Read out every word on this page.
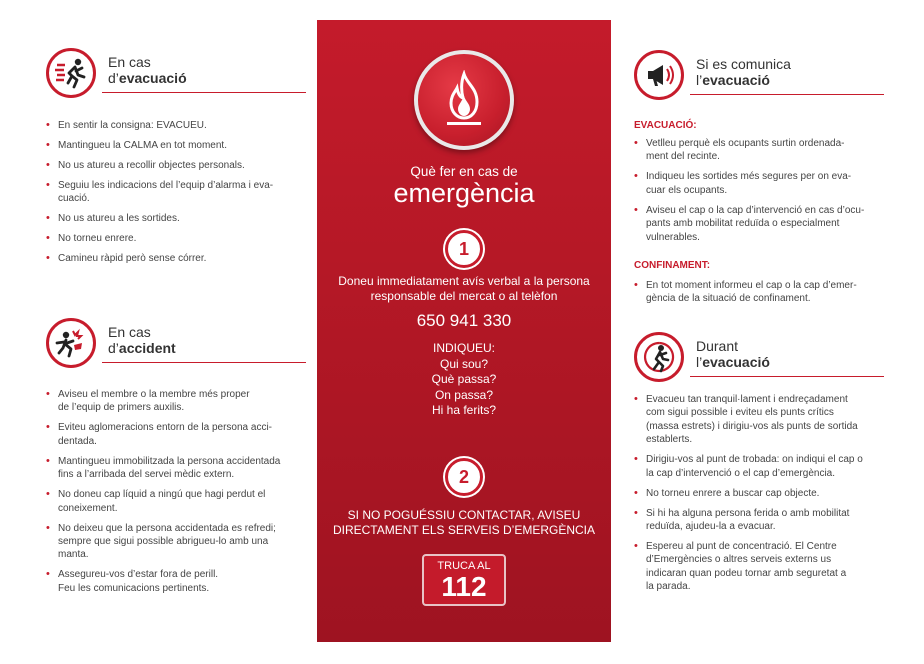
En cas
d’evacuació
• En sentir la consigna: EVACUEU.
• Mantingueu la CALMA en tot moment.
• No us atureu a recollir objectes personals.
• Seguiu les indicacions del l’equip d’alarma i eva-
cuació.
• No us atureu a les sortides.
• No torneu enrere.
• Camineu ràpid però sense córrer.
En cas
d’accident
• Aviseu el membre o la membre més proper
de l’equip de primers auxilis.
• Eviteu aglomeracions entorn de la persona acci-
dentada.
• Mantingueu immobilitzada la persona accidentada
fins a l’arribada del servei mèdic extern.
• No doneu cap líquid a ningú que hagi perdut el
coneixement.
• No deixeu que la persona accidentada es refredi;
sempre que sigui possible abrigueu-lo amb una
manta.
• Assegureu-vos d’estar fora de perill.
Feu les comunicacions pertinents.
Què fer en cas de
emergència
1
Doneu immediatament avís verbal a la persona
responsable del mercat o al telèfon
650 941 330
INDIQUEU:
Qui sou?
Què passa?
On passa?
Hi ha ferits?
2
SI NO POGUÉSSIU CONTACTAR, AVISEU
DIRECTAMENT ELS SERVEIS D’EMERGÈNCIA
TRUCA AL
112
Si es comunica
l’evacuació
EVACUACIÓ:
• Vetlleu perquè els ocupants surtin ordenada-
ment del recinte.
• Indiqueu les sortides més segures per on eva-
cuar els ocupants.
• Aviseu el cap o la cap d’intervenció en cas d’ocu-
pants amb mobilitat reduïda o especialment
vulnerables.
CONFINAMENT:
• En tot moment informeu el cap o la cap d’emer-
gència de la situació de confinament.
Durant
l’evacuació
• Evacueu tan tranquil·lament i endreçadament
com sigui possible i eviteu els punts crítics
(massa estrets) i dirigiu-vos als punts de sortida
establerts.
• Dirigiu-vos al punt de trobada: on indiqui el cap o
la cap d’intervenció o el cap d’emergència.
• No torneu enrere a buscar cap objecte.
• Si hi ha alguna persona ferida o amb mobilitat
reduïda, ajudeu-la a evacuar.
• Espereu al punt de concentració. El Centre
d’Emergències o altres serveis externs us
indicaran quan podeu tornar amb seguretat a
la parada.
